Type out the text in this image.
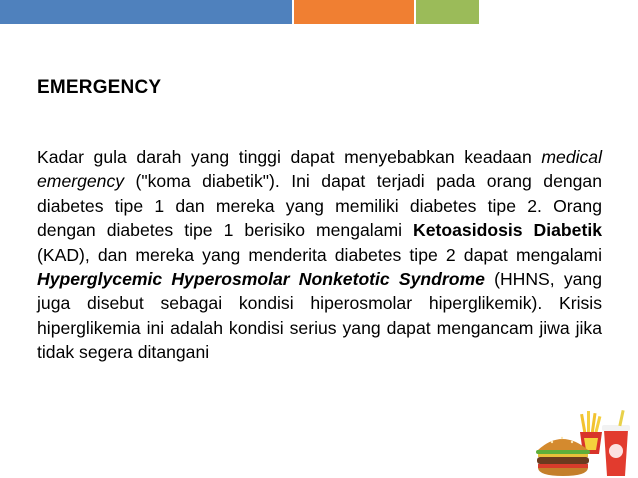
EMERGENCY

Kadar gula darah yang tinggi dapat menyebabkan keadaan medical emergency ("koma diabetik"). Ini dapat terjadi pada orang dengan diabetes tipe 1 dan mereka yang memiliki diabetes tipe 2. Orang dengan diabetes tipe 1 berisiko mengalami Ketoasidosis Diabetik (KAD), dan mereka yang menderita diabetes tipe 2 dapat mengalami Hyperglycemic Hyperosmolar Nonketotic Syndrome (HHNS, yang juga disebut sebagai kondisi hiperosmolar hiperglikemik). Krisis hiperglikemia ini adalah kondisi serius yang dapat mengancam jiwa jika tidak segera ditangani
